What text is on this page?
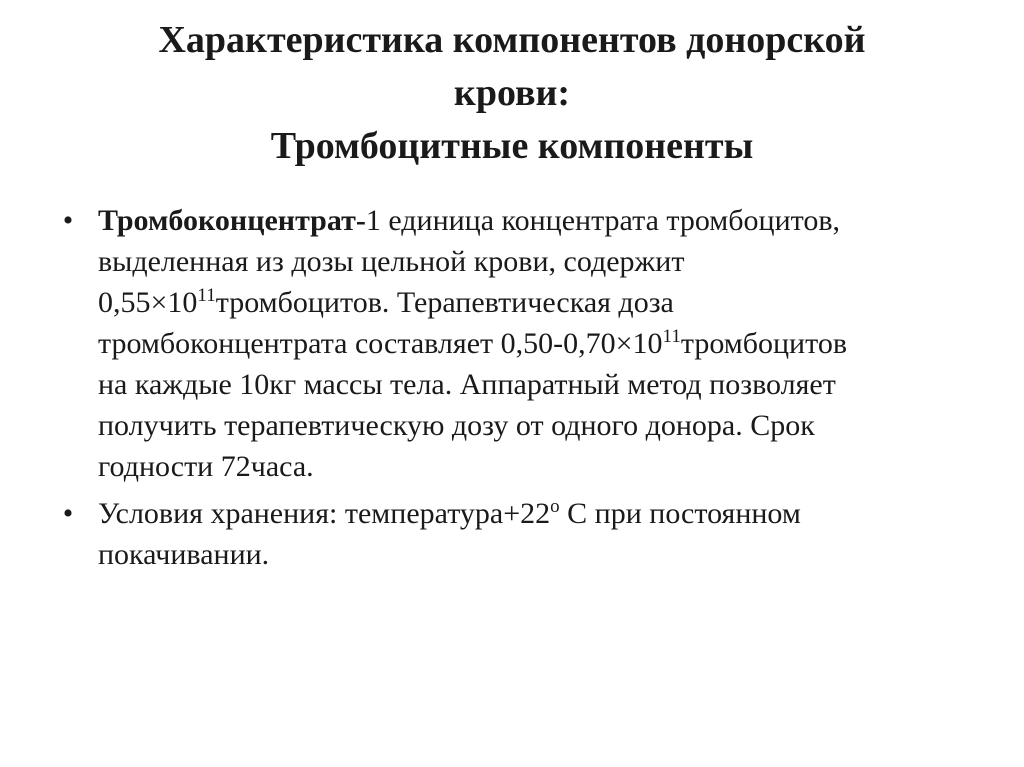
Характеристика компонентов донорской
крови:
Тромбоцитные компоненты
• Тромбоконцентрат-1 единица концентрата тромбоцитов,
выделенная из дозы цельной крови, содержит
$0,55\times 10^{11}тромбоцитов$. Терапевтическая доза
тромбоконцентрата составляет $0,50-0,70\times 10^{11}тромбоцитов$
на каждые 10кг массы тела. Аппаратный метод позволяет
получить терапевтическую дозу от одного донора. Срок
годности 72часа.
• Условия хранения: $температура+22^о$ С при постоянном
покачивании.
